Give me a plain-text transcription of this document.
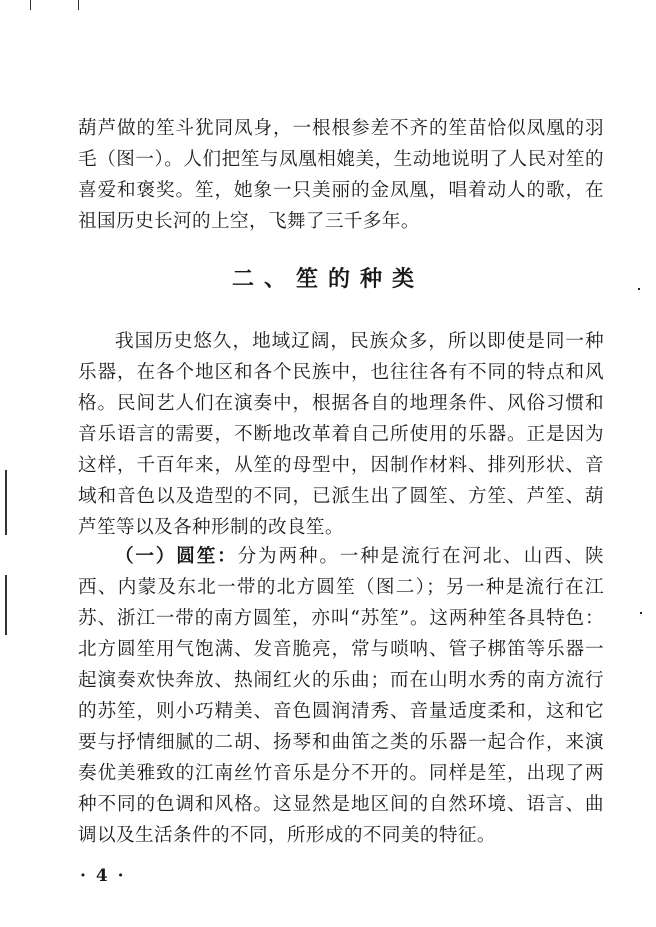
葫芦做的笙斗犹同凤身，一根根参差不齐的笙苗恰似凤凰的羽毛（图一）。人们把笙与凤凰相媲美，生动地说明了人民对笙的喜爱和褒奖。笙，她象一只美丽的金凤凰，唱着动人的歌，在祖国历史长河的上空，飞舞了三千多年。

二、笙的种类

我国历史悠久，地域辽阔，民族众多，所以即使是同一种乐器，在各个地区和各个民族中，也往往各有不同的特点和风格。民间艺人们在演奏中，根据各自的地理条件、风俗习惯和音乐语言的需要，不断地改革着自己所使用的乐器。正是因为这样，千百年来，从笙的母型中，因制作材料、排列形状、音域和音色以及造型的不同，已派生出了圆笙、方笙、芦笙、葫芦笙等以及各种形制的改良笙。

（一）圆笙：分为两种。一种是流行在河北、山西、陕西、内蒙及东北一带的北方圆笙（图二）；另一种是流行在江苏、浙江一带的南方圆笙，亦叫“苏笙”。这两种笙各具特色：北方圆笙用气饱满、发音脆亮，常与唢呐、管子梆笛等乐器一起演奏欢快奔放、热闹红火的乐曲；而在山明水秀的南方流行的苏笙，则小巧精美、音色圆润清秀、音量适度柔和，这和它要与抒情细腻的二胡、扬琴和曲笛之类的乐器一起合作，来演奏优美雅致的江南丝竹音乐是分不开的。同样是笙，出现了两种不同的色调和风格。这显然是地区间的自然环境、语言、曲调以及生活条件的不同，所形成的不同美的特征。

· 4 ·
